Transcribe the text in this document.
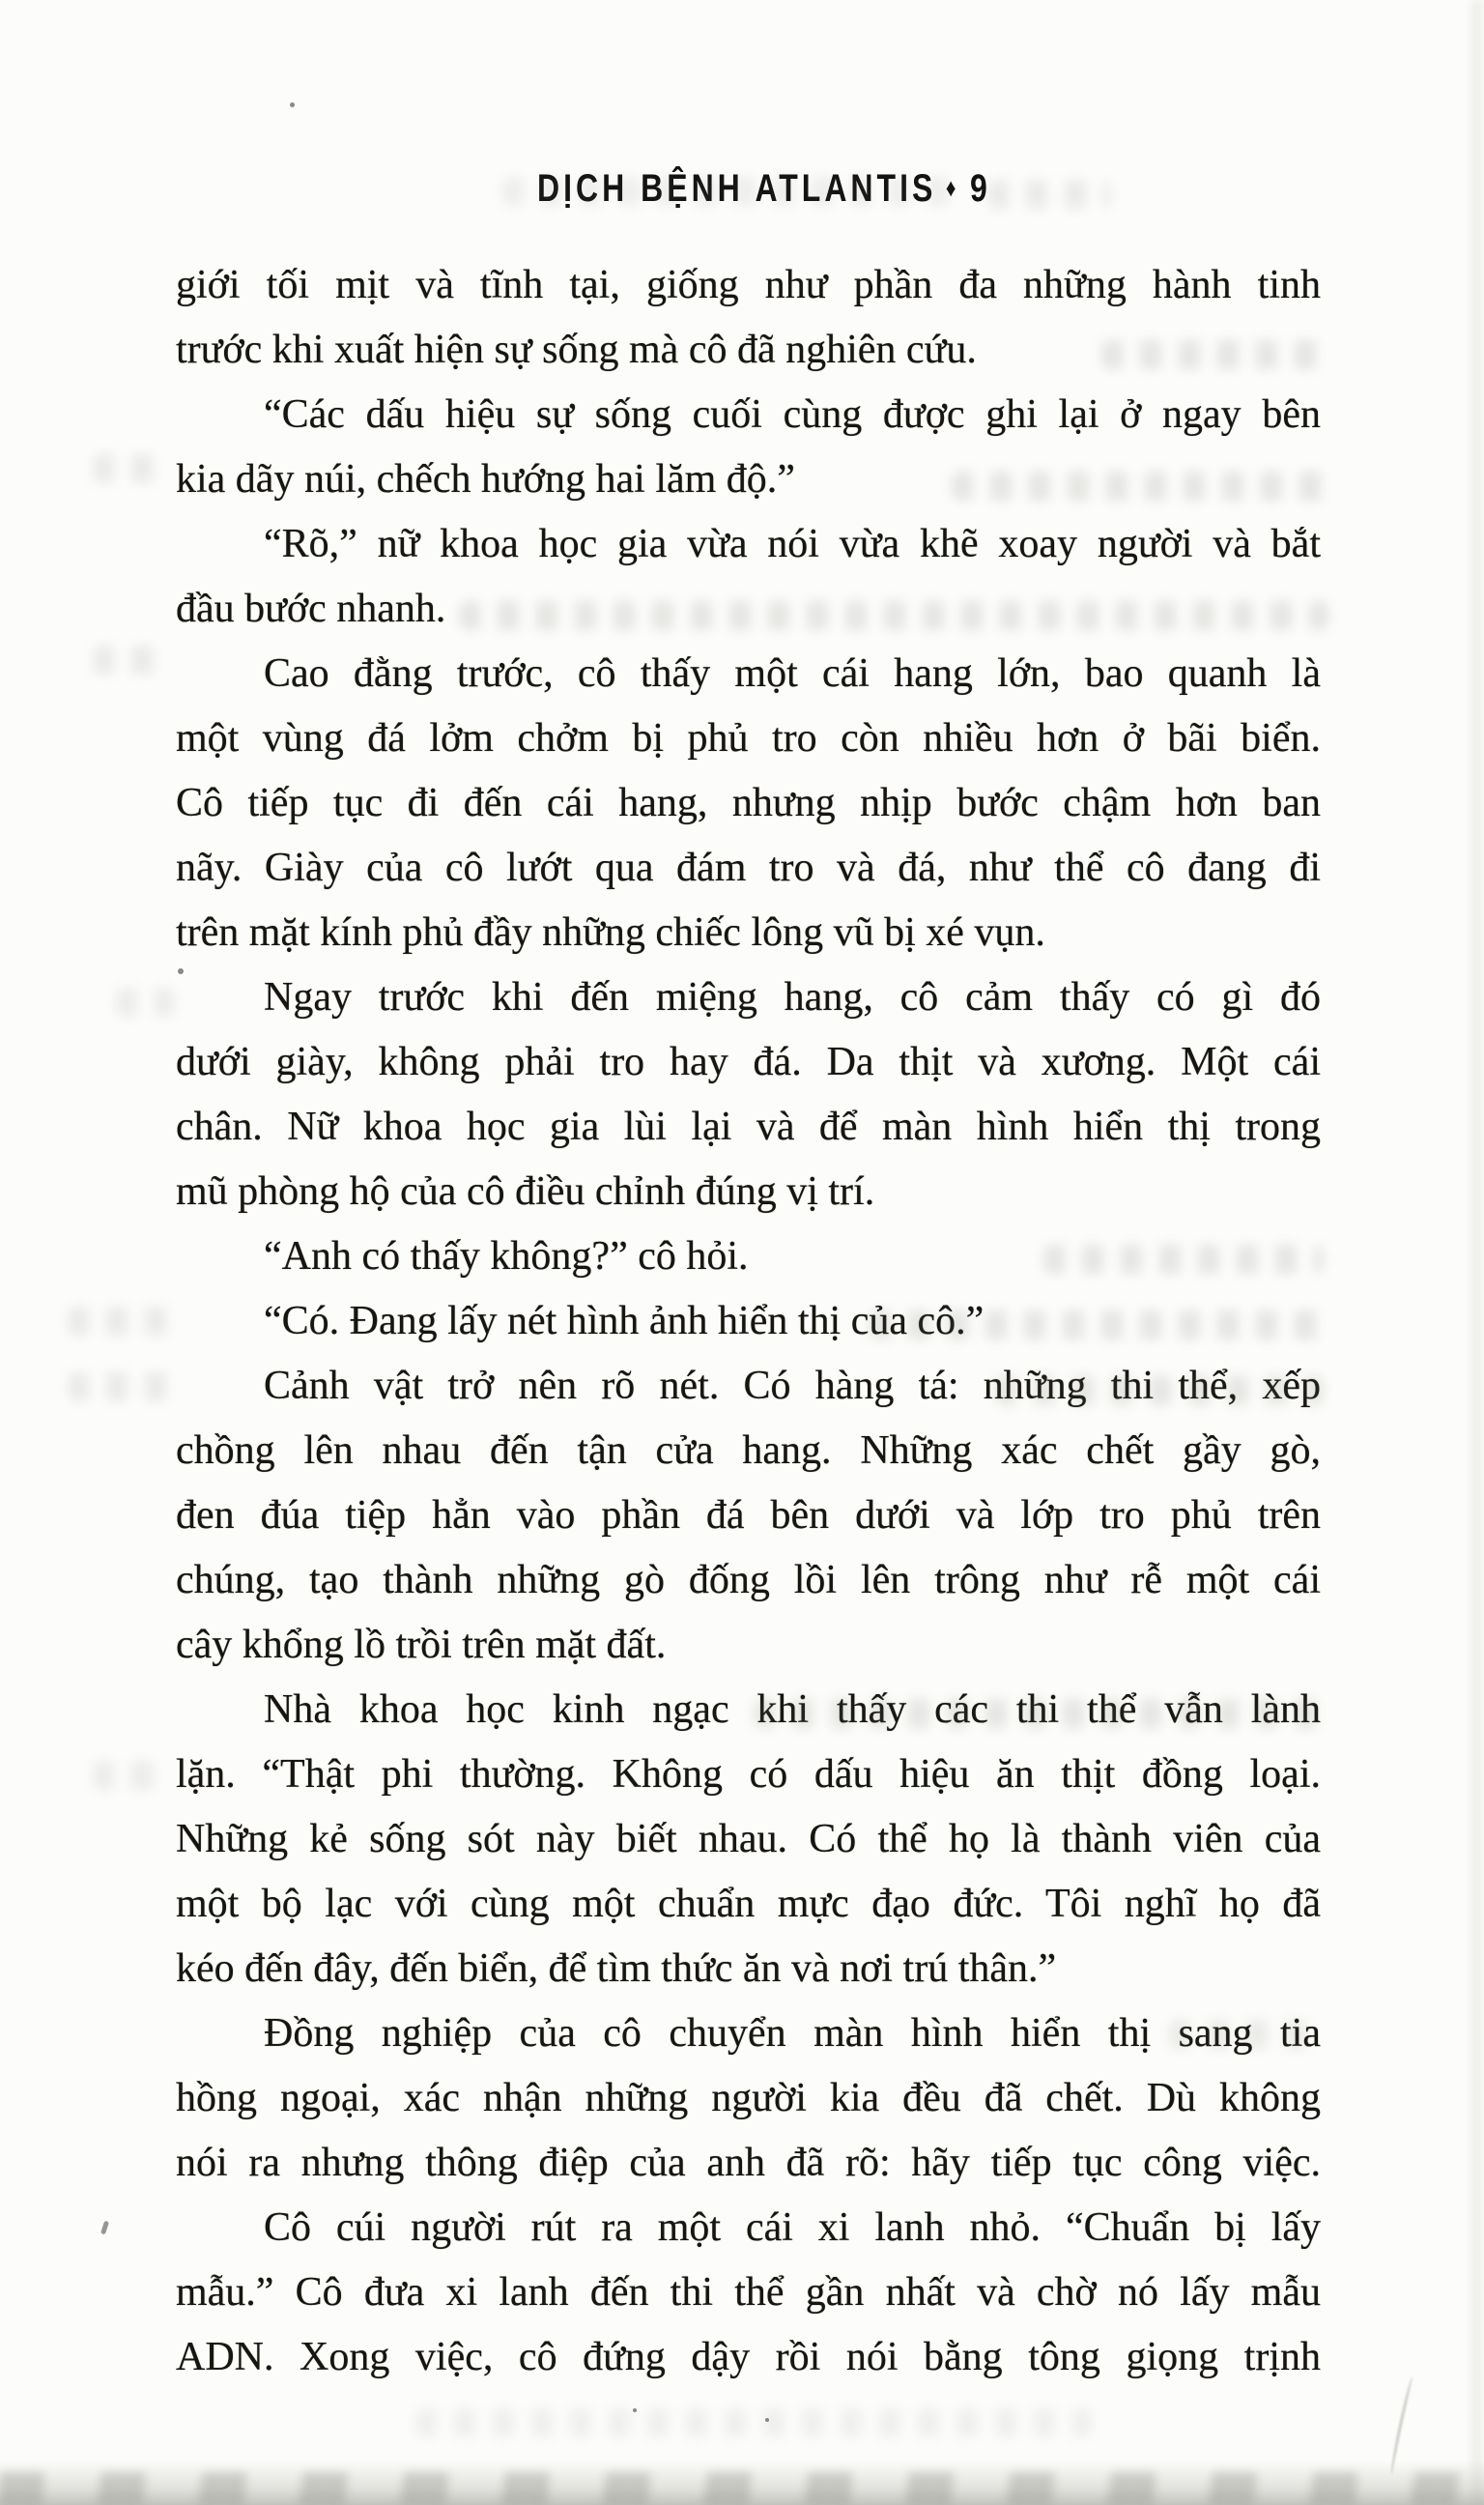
DỊCH BỆNH ATLANTIS ♦ 9
giới tối mịt và tĩnh tại, giống như phần đa những hành tinh
trước khi xuất hiện sự sống mà cô đã nghiên cứu.
“Các dấu hiệu sự sống cuối cùng được ghi lại ở ngay bên
kia dãy núi, chếch hướng hai lăm độ.”
“Rõ,” nữ khoa học gia vừa nói vừa khẽ xoay người và bắt
đầu bước nhanh.
Cao đằng trước, cô thấy một cái hang lớn, bao quanh là
một vùng đá lởm chởm bị phủ tro còn nhiều hơn ở bãi biển.
Cô tiếp tục đi đến cái hang, nhưng nhịp bước chậm hơn ban
nãy. Giày của cô lướt qua đám tro và đá, như thể cô đang đi
trên mặt kính phủ đầy những chiếc lông vũ bị xé vụn.
Ngay trước khi đến miệng hang, cô cảm thấy có gì đó
dưới giày, không phải tro hay đá. Da thịt và xương. Một cái
chân. Nữ khoa học gia lùi lại và để màn hình hiển thị trong
mũ phòng hộ của cô điều chỉnh đúng vị trí.
“Anh có thấy không?” cô hỏi.
“Có. Đang lấy nét hình ảnh hiển thị của cô.”
Cảnh vật trở nên rõ nét. Có hàng tá: những thi thể, xếp
chồng lên nhau đến tận cửa hang. Những xác chết gầy gò,
đen đúa tiệp hẳn vào phần đá bên dưới và lớp tro phủ trên
chúng, tạo thành những gò đống lồi lên trông như rễ một cái
cây khổng lồ trồi trên mặt đất.
Nhà khoa học kinh ngạc khi thấy các thi thể vẫn lành
lặn. “Thật phi thường. Không có dấu hiệu ăn thịt đồng loại.
Những kẻ sống sót này biết nhau. Có thể họ là thành viên của
một bộ lạc với cùng một chuẩn mực đạo đức. Tôi nghĩ họ đã
kéo đến đây, đến biển, để tìm thức ăn và nơi trú thân.”
Đồng nghiệp của cô chuyển màn hình hiển thị sang tia
hồng ngoại, xác nhận những người kia đều đã chết. Dù không
nói ra nhưng thông điệp của anh đã rõ: hãy tiếp tục công việc.
Cô cúi người rút ra một cái xi lanh nhỏ. “Chuẩn bị lấy
mẫu.” Cô đưa xi lanh đến thi thể gần nhất và chờ nó lấy mẫu
ADN. Xong việc, cô đứng dậy rồi nói bằng tông giọng trịnh
